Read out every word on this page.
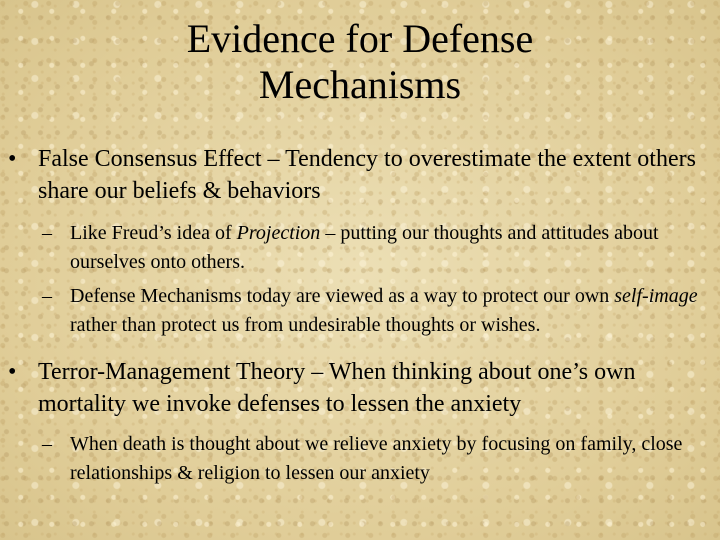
Evidence for Defense
Mechanisms
• False Consensus Effect – Tendency to overestimate the extent others share our beliefs & behaviors
– Like Freud’s idea of Projection – putting our thoughts and attitudes about ourselves onto others.
– Defense Mechanisms today are viewed as a way to protect our own self-image rather than protect us from undesirable thoughts or wishes.
• Terror-Management Theory – When thinking about one’s own mortality we invoke defenses to lessen the anxiety
– When death is thought about we relieve anxiety by focusing on family, close relationships & religion to lessen our anxiety
